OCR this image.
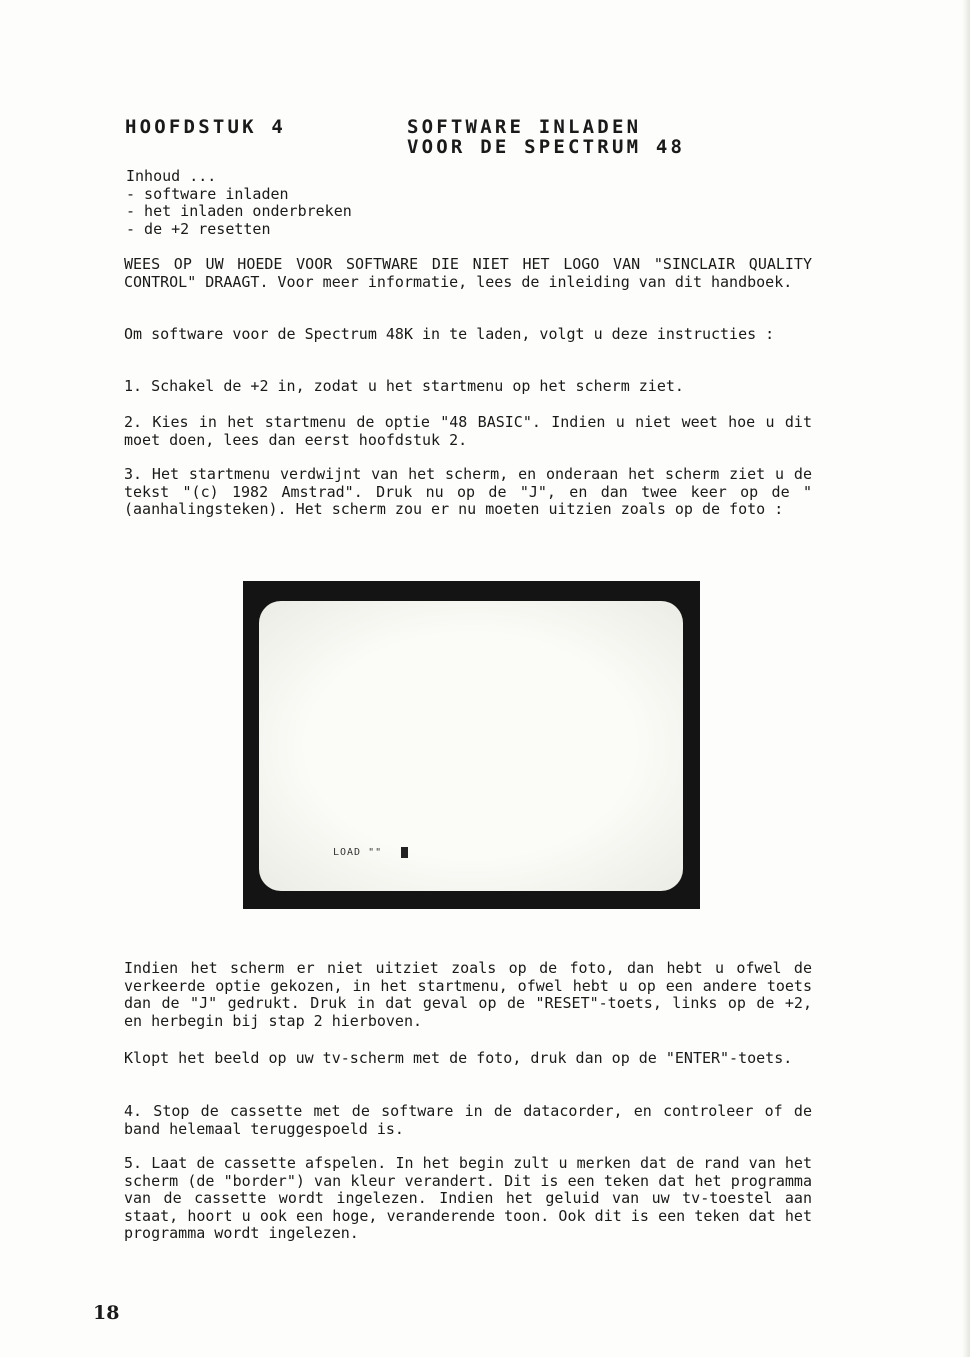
HOOFDSTUK 4	SOFTWARE INLADEN
VOOR DE SPECTRUM 48
Inhoud ...
- software inladen
- het inladen onderbreken
- de +2 resetten

WEES OP UW HOEDE VOOR SOFTWARE DIE NIET HET LOGO VAN "SINCLAIR QUALITY CONTROL" DRAAGT. Voor meer informatie, lees de inleiding van dit handboek.

Om software voor de Spectrum 48K in te laden, volgt u deze instructies :

1. Schakel de +2 in, zodat u het startmenu op het scherm ziet.

2. Kies in het startmenu de optie "48 BASIC". Indien u niet weet hoe u dit moet doen, lees dan eerst hoofdstuk 2.

3. Het startmenu verdwijnt van het scherm, en onderaan het scherm ziet u de tekst "(c) 1982 Amstrad". Druk nu op de "J", en dan twee keer op de " (aanhalingsteken). Het scherm zou er nu moeten uitzien zoals op de foto :

LOAD ""

Indien het scherm er niet uitziet zoals op de foto, dan hebt u ofwel de verkeerde optie gekozen, in het startmenu, ofwel hebt u op een andere toets dan de "J" gedrukt. Druk in dat geval op de "RESET"-toets, links op de +2, en herbegin bij stap 2 hierboven.

Klopt het beeld op uw tv-scherm met de foto, druk dan op de "ENTER"-toets.

4. Stop de cassette met de software in de datacorder, en controleer of de band helemaal teruggespoeld is.

5. Laat de cassette afspelen. In het begin zult u merken dat de rand van het scherm (de "border") van kleur verandert. Dit is een teken dat het programma van de cassette wordt ingelezen. Indien het geluid van uw tv-toestel aan staat, hoort u ook een hoge, veranderende toon. Ook dit is een teken dat het programma wordt ingelezen.

18
